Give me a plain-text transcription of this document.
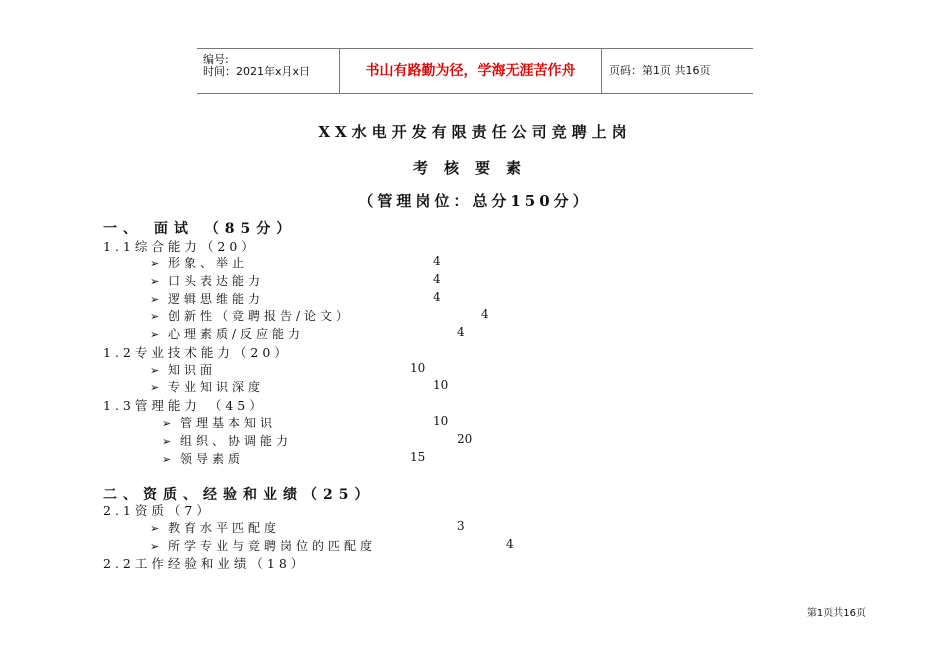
编号:
时间：2021年x月x日	书山有路勤为径，学海无涯苦作舟	页码：第1页 共16页
XX水电开发有限责任公司竞聘上岗
考核要素
（管理岗位：总分150分）
一、 面试 （85分）
1.1综合能力（20）
➢ 形象、举止	4
➢ 口头表达能力	4
➢ 逻辑思维能力	4
➢ 创新性（竞聘报告/论文）	4
➢ 心理素质/反应能力	4
1.2专业技术能力（20）
➢ 知识面	10
➢ 专业知识深度	10
1.3管理能力 （45）
➢ 管理基本知识	10
➢ 组织、协调能力	20
➢ 领导素质	15
二、资质、经验和业绩（25）
2.1资质（7）
➢ 教育水平匹配度	3
➢ 所学专业与竞聘岗位的匹配度	4
2.2工作经验和业绩（18）
第1页共16页
